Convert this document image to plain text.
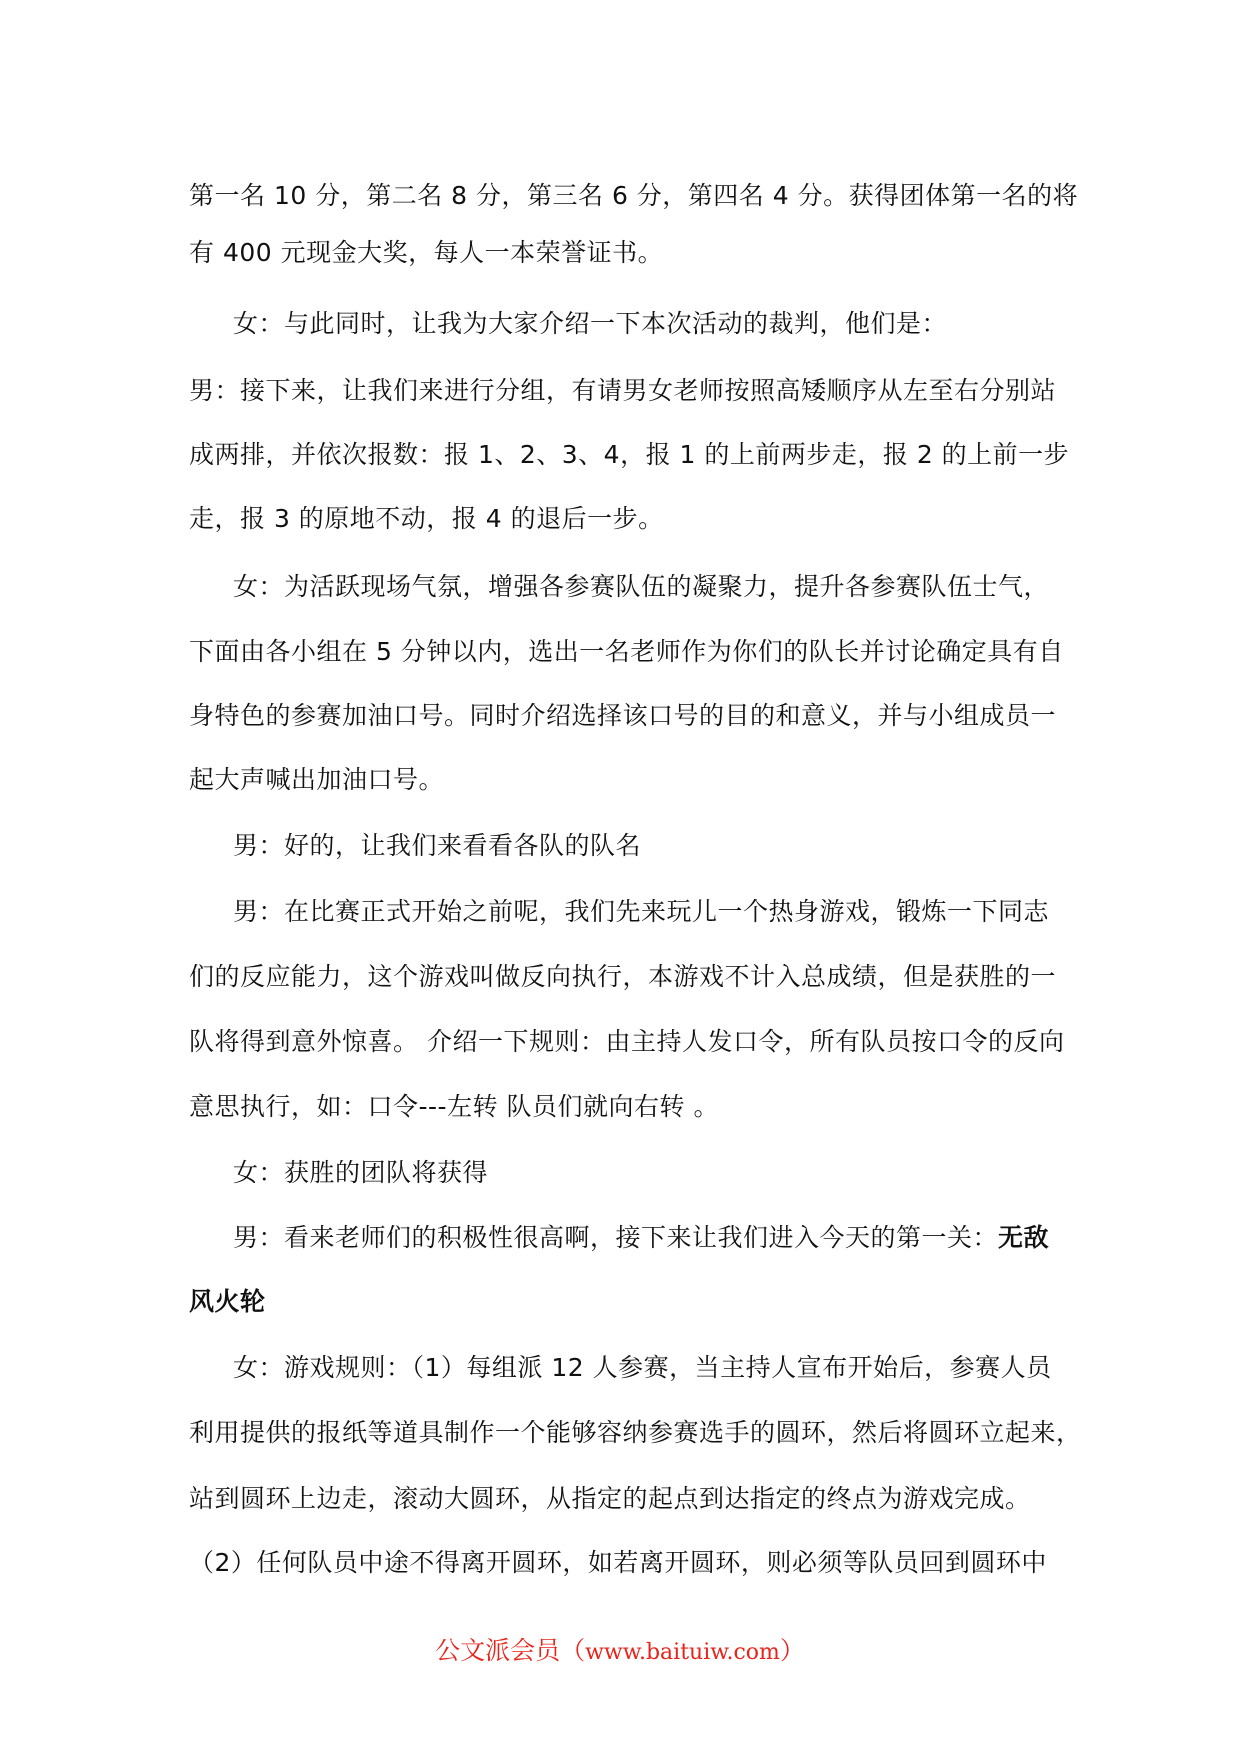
第一名 10 分，第二名 8 分，第三名 6 分，第四名 4 分。获得团体第一名的将
有 400 元现金大奖，每人一本荣誉证书。
女：与此同时，让我为大家介绍一下本次活动的裁判，他们是：
男：接下来，让我们来进行分组，有请男女老师按照高矮顺序从左至右分别站
成两排，并依次报数：报 1、2、3、4，报 1 的上前两步走，报 2 的上前一步
走，报 3 的原地不动，报 4 的退后一步。
女：为活跃现场气氛，增强各参赛队伍的凝聚力，提升各参赛队伍士气，
下面由各小组在 5 分钟以内，选出一名老师作为你们的队长并讨论确定具有自
身特色的参赛加油口号。同时介绍选择该口号的目的和意义，并与小组成员一
起大声喊出加油口号。
男：好的，让我们来看看各队的队名
男：在比赛正式开始之前呢，我们先来玩儿一个热身游戏，锻炼一下同志
们的反应能力，这个游戏叫做反向执行，本游戏不计入总成绩，但是获胜的一
队将得到意外惊喜。 介绍一下规则：由主持人发口令，所有队员按口令的反向
意思执行，如：口令---左转 队员们就向右转 。
女：获胜的团队将获得
男：看来老师们的积极性很高啊，接下来让我们进入今天的第一关：无敌
风火轮
女：游戏规则：（1）每组派 12 人参赛，当主持人宣布开始后，参赛人员
利用提供的报纸等道具制作一个能够容纳参赛选手的圆环，然后将圆环立起来，
站到圆环上边走，滚动大圆环，从指定的起点到达指定的终点为游戏完成。
（2）任何队员中途不得离开圆环，如若离开圆环，则必须等队员回到圆环中
公文派会员（www.baituiw.com）
